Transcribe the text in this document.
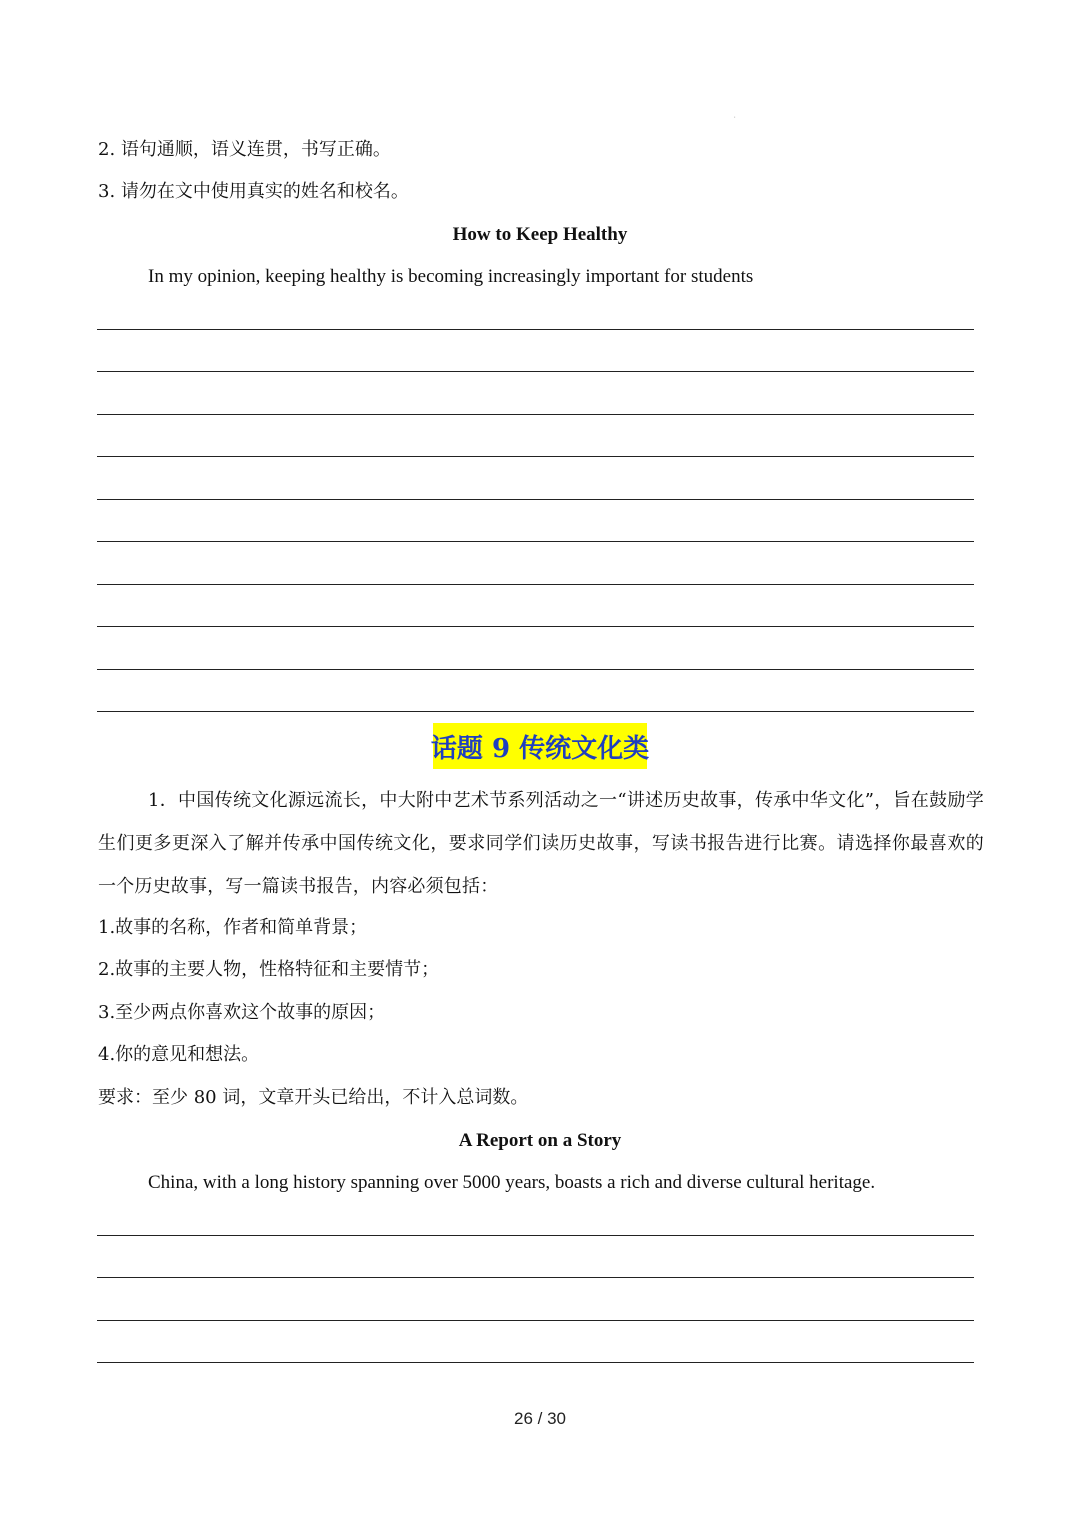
ˌ
2. 语句通顺，语义连贯，书写正确。
3. 请勿在文中使用真实的姓名和校名。
How to Keep Healthy
In my opinion, keeping healthy is becoming increasingly important for students
话题 9 传统文化类
1．中国传统文化源远流长，中大附中艺术节系列活动之一“讲述历史故事，传承中华文化”，旨在鼓励学生们更多更深入了解并传承中国传统文化，要求同学们读历史故事，写读书报告进行比赛。请选择你最喜欢的一个历史故事，写一篇读书报告，内容必须包括：
1.故事的名称，作者和简单背景；
2.故事的主要人物，性格特征和主要情节；
3.至少两点你喜欢这个故事的原因；
4.你的意见和想法。
要求：至少 80 词，文章开头已给出，不计入总词数。
A Report on a Story
China, with a long history spanning over 5000 years, boasts a rich and diverse cultural heritage.
26 / 30
